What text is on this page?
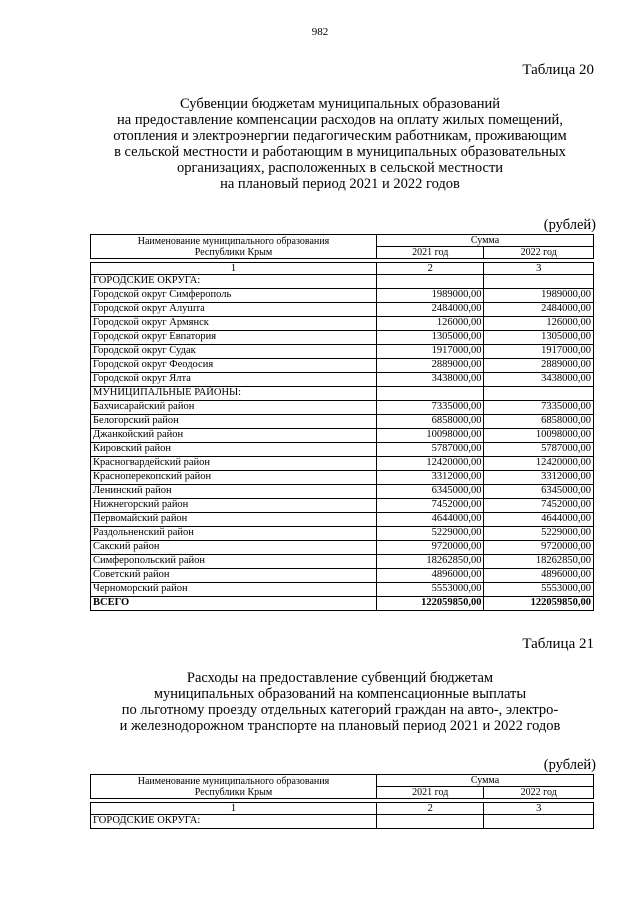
982
Таблица 20
Субвенции бюджетам муниципальных образований
на предоставление компенсации расходов на оплату жилых помещений,
отопления и электроэнергии педагогическим работникам, проживающим
в сельской местности и работающим в муниципальных образовательных
организациях, расположенных в сельской местности
на плановый период 2021 и 2022 годов
(рублей)
Наименование муниципального образования
Республики Крым	Сумма	
	2021 год	2022 год

1	2	3
ГОРОДСКИЕ ОКРУГА:		
Городской округ Симферополь	1989000,00	1989000,00
Городской округ Алушта	2484000,00	2484000,00
Городской округ Армянск	126000,00	126000,00
Городской округ Евпатория	1305000,00	1305000,00
Городской округ Судак	1917000,00	1917000,00
Городской округ Феодосия	2889000,00	2889000,00
Городской округ Ялта	3438000,00	3438000,00
МУНИЦИПАЛЬНЫЕ РАЙОНЫ:		
Бахчисарайский район	7335000,00	7335000,00
Белогорский район	6858000,00	6858000,00
Джанкойский район	10098000,00	10098000,00
Кировский район	5787000,00	5787000,00
Красногвардейский район	12420000,00	12420000,00
Красноперекопский район	3312000,00	3312000,00
Ленинский район	6345000,00	6345000,00
Нижнегорский район	7452000,00	7452000,00
Первомайский район	4644000,00	4644000,00
Раздольненский район	5229000,00	5229000,00
Сакский район	9720000,00	9720000,00
Симферопольский район	18262850,00	18262850,00
Советский район	4896000,00	4896000,00
Черноморский район	5553000,00	5553000,00
ВСЕГО	122059850,00	122059850,00
Таблица 21
Расходы на предоставление субвенций бюджетам
муниципальных образований на компенсационные выплаты
по льготному проезду отдельных категорий граждан на авто-, электро-
и железнодорожном транспорте на плановый период 2021 и 2022 годов
(рублей)
Наименование муниципального образования
Республики Крым	Сумма	
	2021 год	2022 год

1	2	3
ГОРОДСКИЕ ОКРУГА:		
